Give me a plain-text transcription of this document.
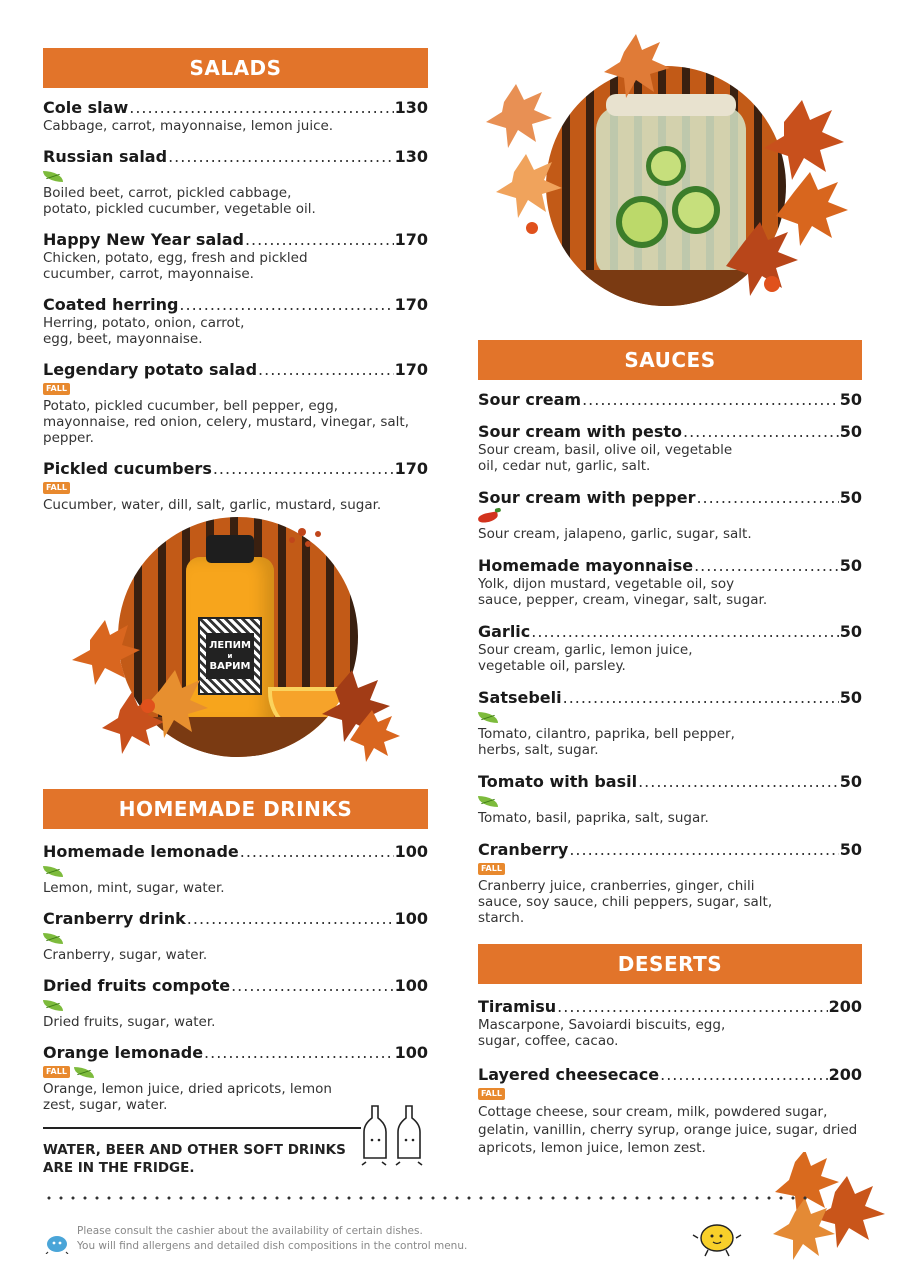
SALADS
Cole slaw .....	130
Cabbage, carrot, mayonnaise, lemon juice.
Russian salad .....	130
Boiled beet, carrot, pickled cabbage, potato, pickled cucumber, vegetable oil.
Happy New Year salad .....	170
Chicken, potato, egg, fresh and pickled cucumber, carrot, mayonnaise.
Coated herring .....	170
Herring, potato, onion, carrot, egg, beet, mayonnaise.
Legendary potato salad .....	170
FALL
Potato, pickled cucumber, bell pepper, egg, mayonnaise, red onion, celery, mustard, vinegar, salt, pepper.
Pickled cucumbers .....	170
FALL
Cucumber, water, dill, salt, garlic, mustard, sugar.
ЛЕПИМ
и
ВАРИМ
HOMEMADE DRINKS
Homemade lemonade .....	100
Lemon, mint, sugar, water.
Cranberry drink .....	100
Cranberry, sugar, water.
Dried fruits compote .....	100
Dried fruits, sugar, water.
Orange lemonade .....	100
FALL
Orange, lemon juice, dried apricots, lemon zest, sugar, water.
WATER, BEER AND OTHER SOFT DRINKS
ARE IN THE FRIDGE.
SAUCES
Sour cream .....	50
Sour cream with pesto .....	50
Sour cream, basil, olive oil, vegetable oil, cedar nut, garlic, salt.
Sour cream with pepper .....	50
Sour cream, jalapeno, garlic, sugar, salt.
Homemade mayonnaise .....	50
Yolk, dijon mustard, vegetable oil, soy sauce, pepper, cream, vinegar, salt, sugar.
Garlic .....	50
Sour cream, garlic, lemon juice, vegetable oil, parsley.
Satsebeli .....	50
Tomato, cilantro, paprika, bell pepper, herbs, salt, sugar.
Tomato with basil .....	50
Tomato, basil, paprika, salt, sugar.
Cranberry .....	50
FALL
Cranberry juice, cranberries, ginger, chili sauce, soy sauce, chili peppers, sugar, salt, starch.
DESERTS
Tiramisu .....	200
Mascarpone, Savoiardi biscuits, egg, sugar, coffee, cacao.
Layered cheesecace .....	200
FALL
Cottage cheese, sour cream, milk, powdered sugar, gelatin, vanillin, cherry syrup, orange juice, sugar, dried apricots, lemon juice, lemon zest.
Please consult the cashier about the availability of certain dishes.
You will find allergens and detailed dish compositions in the control menu.
